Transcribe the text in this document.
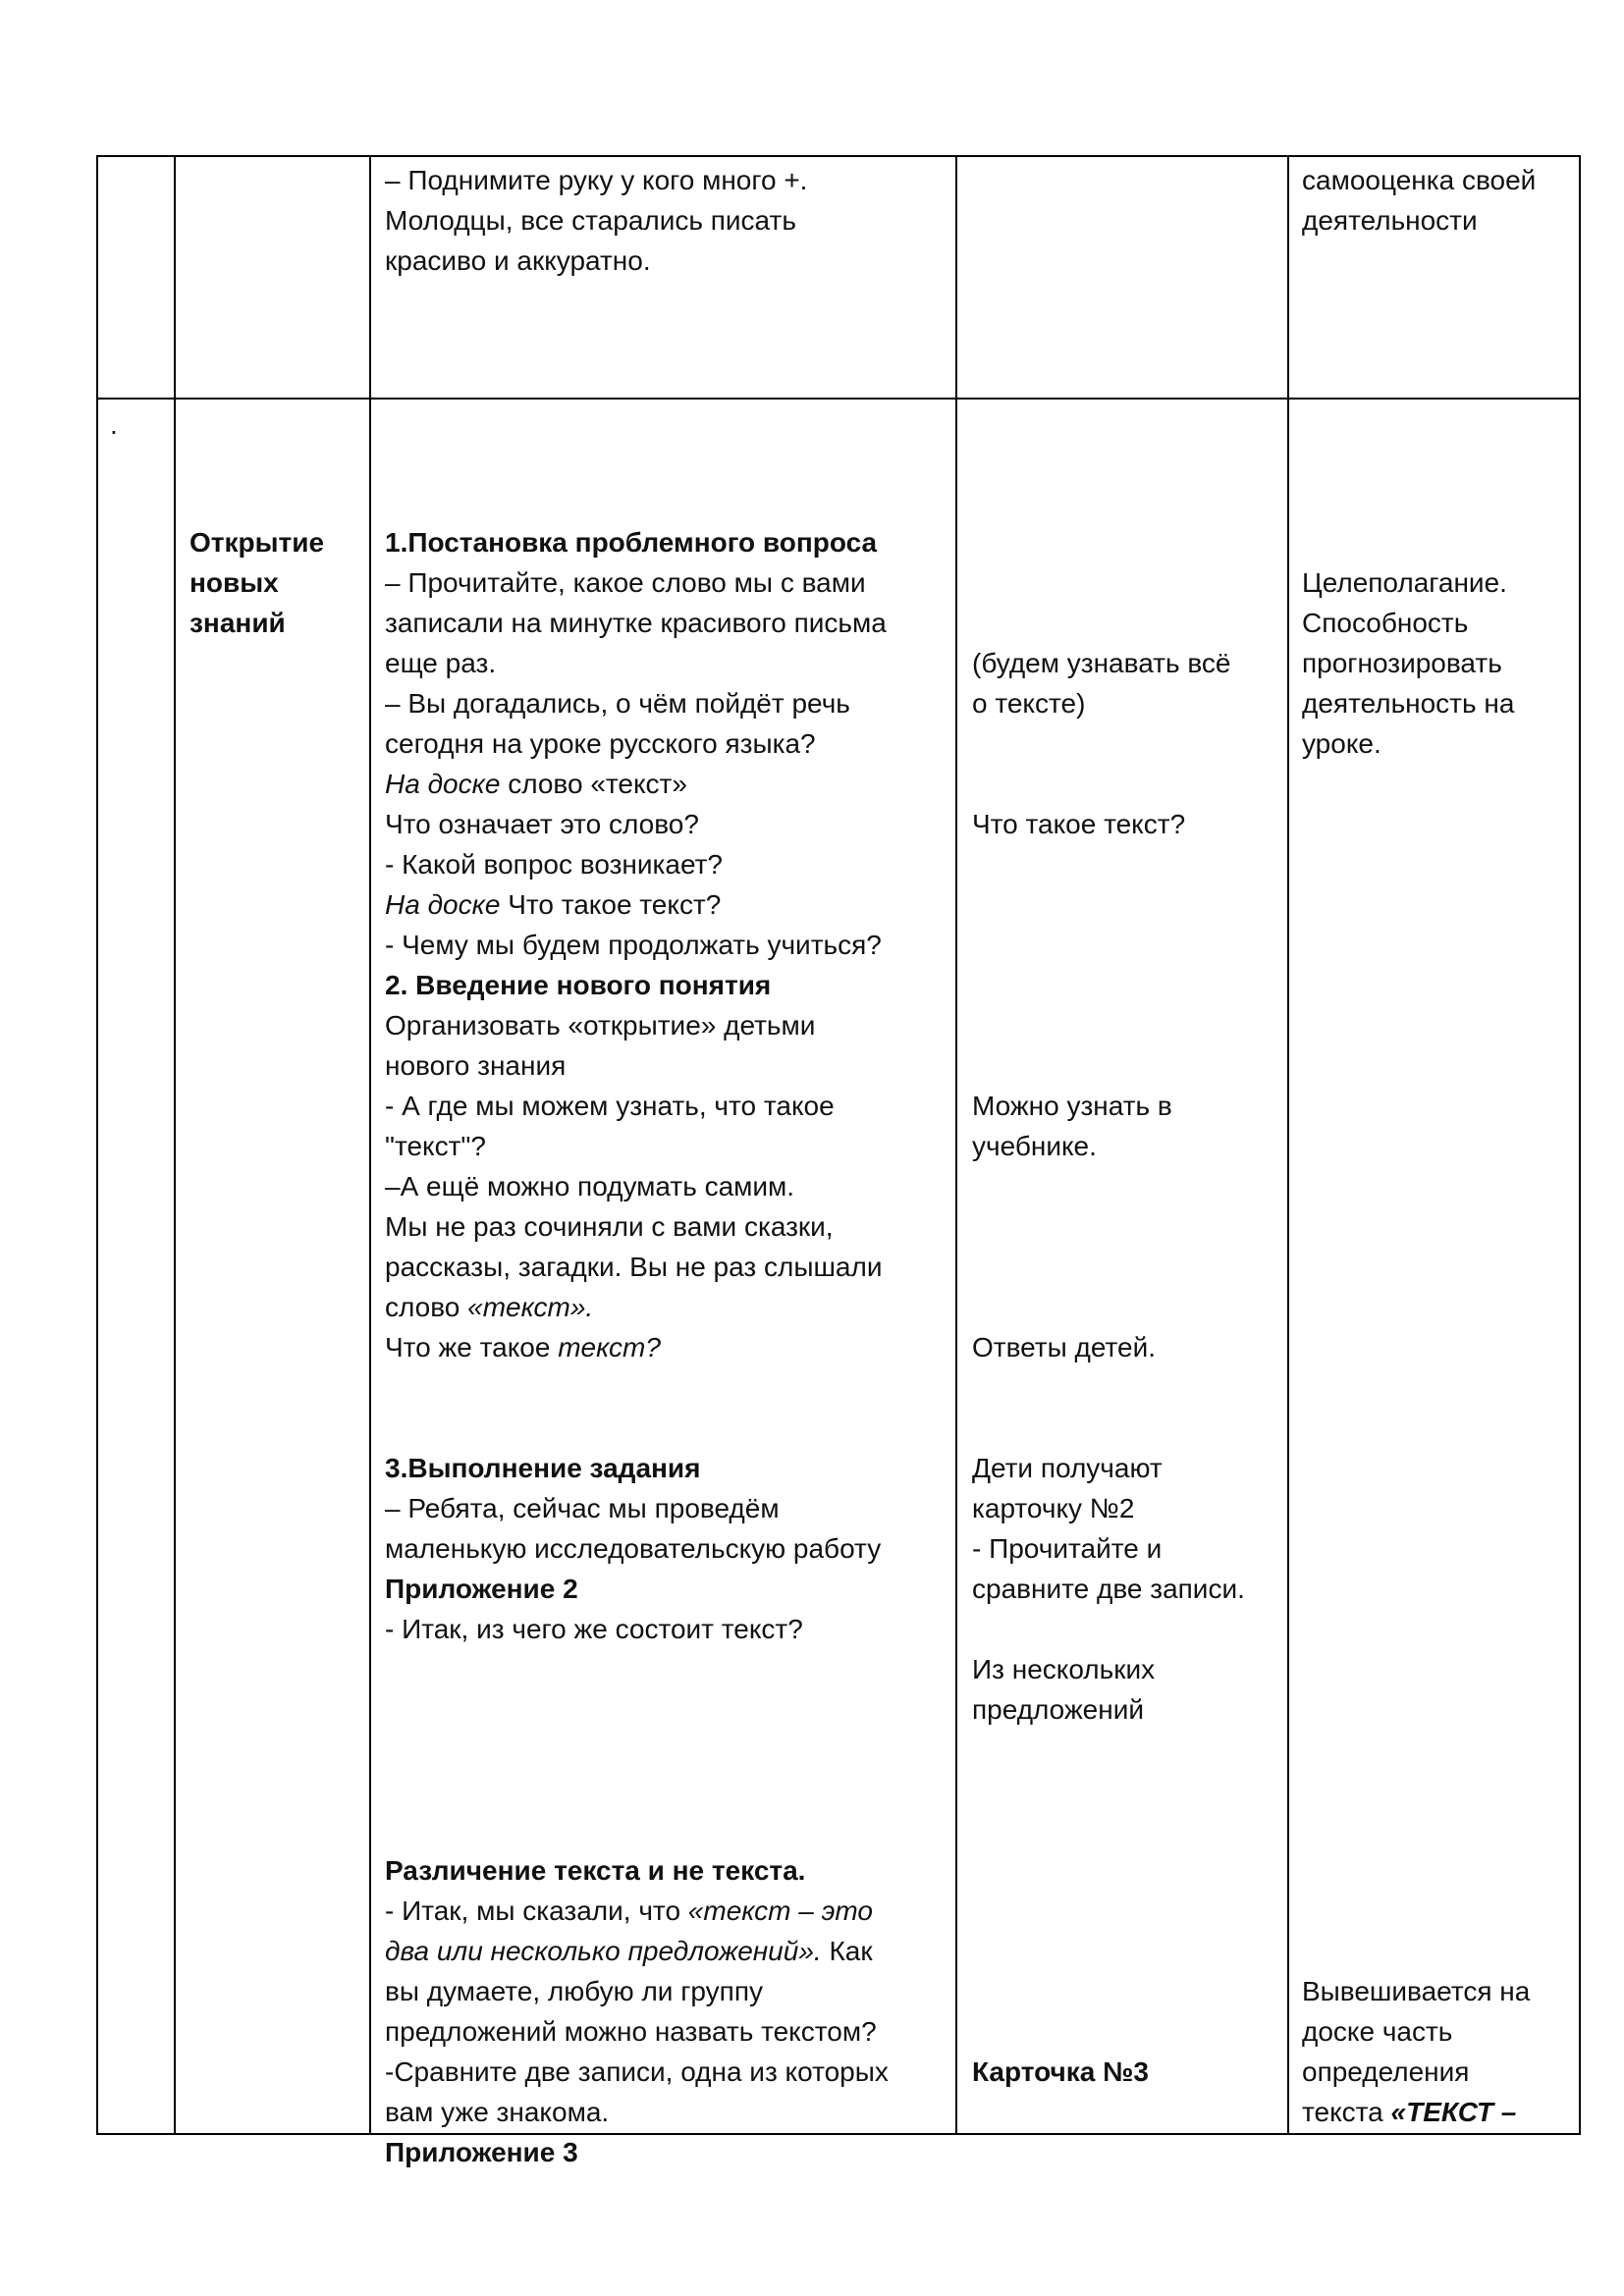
– Поднимите руку у кого много +.

Молодцы, все старались писать

красиво и аккуратно.

самооценка своей

деятельности

.

Открытие

новых

знаний

1.Постановка проблемного вопроса

– Прочитайте, какое слово мы с вами

записали на минутке красивого письма

еще раз.

– Вы догадались, о чём пойдёт речь

сегодня на уроке русского языка?

На доске слово «текст»

Что означает это слово?

- Какой вопрос возникает?

На доске Что такое текст?

- Чему мы будем продолжать учиться?

2. Введение нового понятия

Организовать «открытие» детьми

нового знания

- А где мы можем узнать, что такое

"текст"?

–А ещё можно подумать самим.

Мы не раз сочиняли с вами сказки,

рассказы, загадки. Вы не раз слышали

слово «текст».

Что же такое текст?

3.Выполнение задания

– Ребята, сейчас мы проведём

маленькую исследовательскую работу

Приложение 2

- Итак, из чего же состоит текст?

Различение текста и не текста.

- Итак, мы сказали, что «текст – это

два или несколько предложений». Как

вы думаете, любую ли группу

предложений можно назвать текстом?

-Сравните две записи, одна из которых

вам уже знакома.

Приложение 3

(будем узнавать всё

о тексте)

Что такое текст?

Можно узнать в

учебнике.

Ответы детей.

Дети получают

карточку №2

- Прочитайте и

сравните две записи.

Из нескольких

предложений

Карточка №3

Целеполагание.

Способность

прогнозировать

деятельность на

уроке.

Вывешивается на

доске часть

определения

текста «ТЕКСТ –
